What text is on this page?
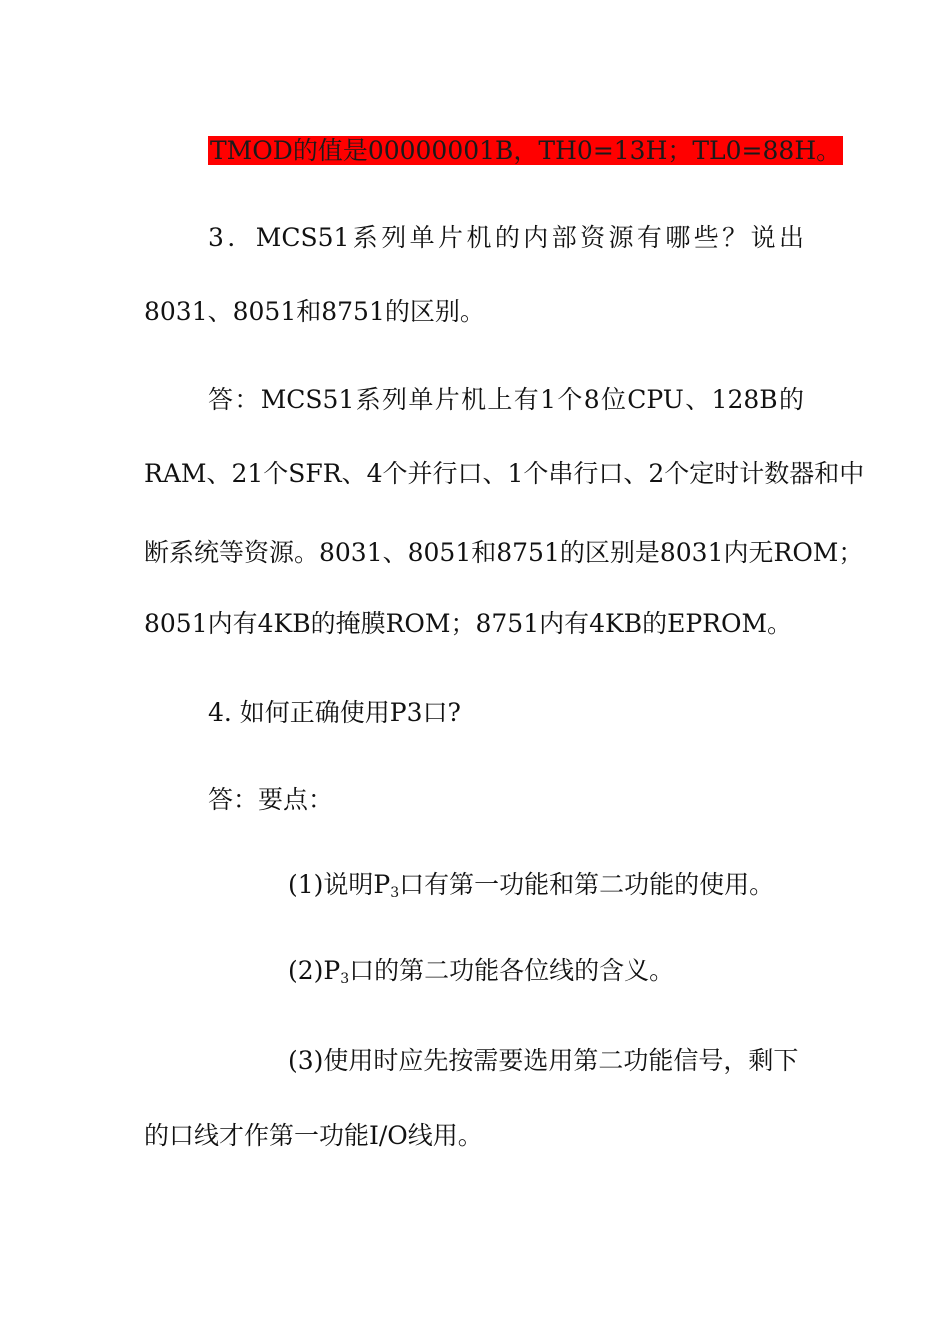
TMOD的值是00000001B，TH0=13H；TL0=88H。
3．MCS51系列单片机的内部资源有哪些？说出
8031、8051和8751的区别。
答：MCS51系列单片机上有1个8位CPU、128B的
RAM、21个SFR、4个并行口、1个串行口、2个定时计数器和中
断系统等资源。8031、8051和8751的区别是8031内无ROM；
8051内有4KB的掩膜ROM；8751内有4KB的EPROM。
4. 如何正确使用P3口?
答：要点：
(1)说明$P_3$口有第一功能和第二功能的使用。
$(2)P_3$口的第二功能各位线的含义。
(3)使用时应先按需要选用第二功能信号，剩下
的口线才作第一功能I/O线用。
